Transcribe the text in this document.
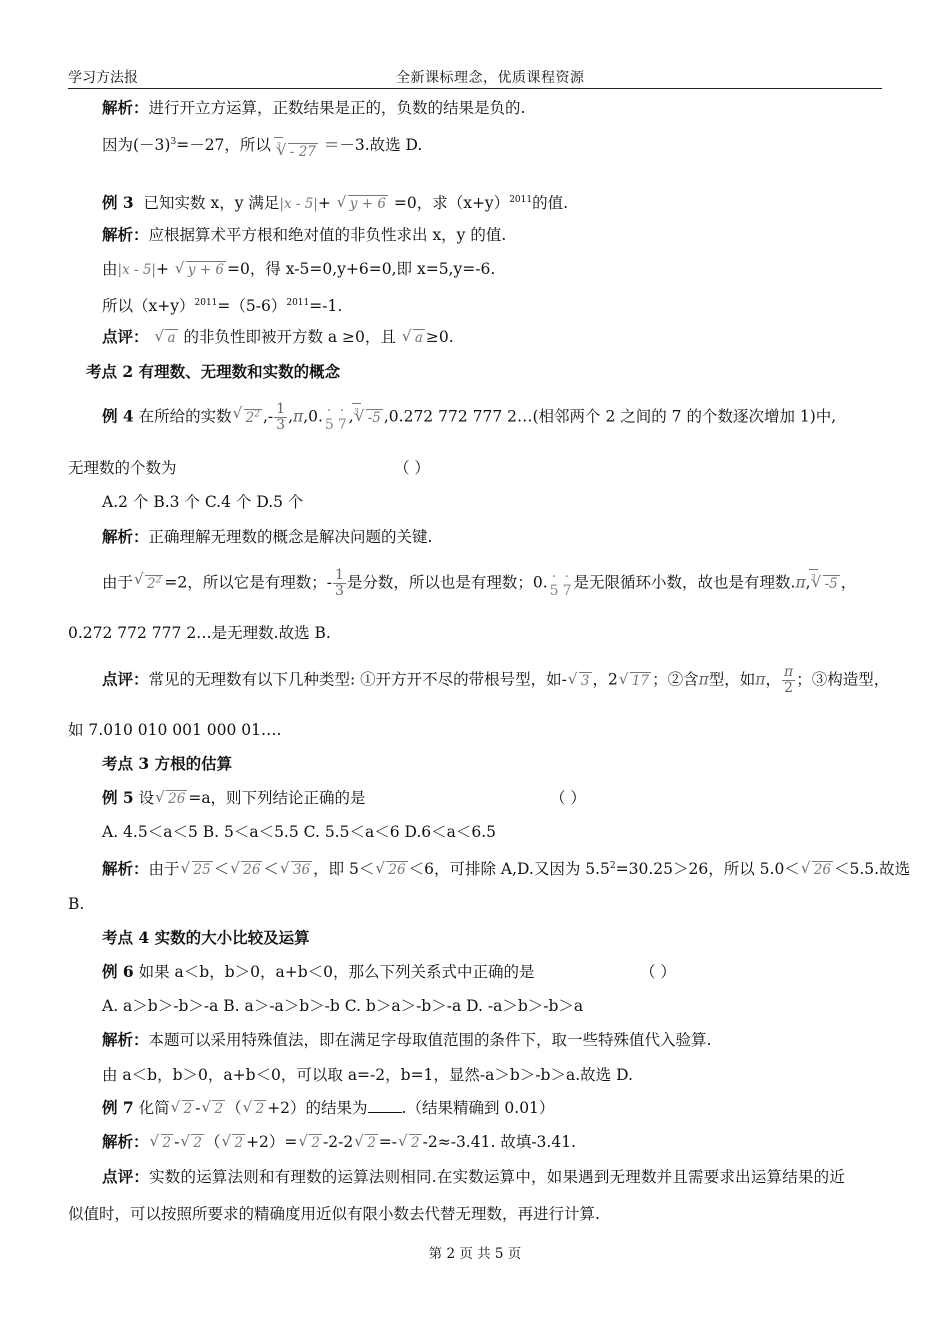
学习方法报	全新课标理念，优质课程资源
解析：进行开立方运算，正数结果是正的，负数的结果是负的.
因为$(-3)^3=-27$，所以 √ 3 - 27 ＝－3.故选 D.
例 3 已知实数 x，y 满足|x - 5|+ √ y + 6 =0，求$(x+y)^{2011}$的值.
解析：应根据算术平方根和绝对值的非负性求出 x，y 的值.
由|x - 5|+ √ y + 6 =0，得 x-5=0,y+6=0,即 x=5,y=-6.
所以$(x+y)^{2011}=(5-6)^{2011}=-1$.
点评： √ a 的非负性即被开方数 a ≥0，且 √ a ≥0.
考点 2 有理数、无理数和实数的概念
例 4 在所给的实数 √ $2^2$ ,- $\frac{1}{3} ,\pi,0$. 5 · 7 · , √ 3 -5 ,0.272 772 777 2…(相邻两个 2 之间的 7 的个数逐次增加 1)中,
无理数的个数为	（ ）
A.2 个 B.3 个 C.4 个 D.5 个
解析：正确理解无理数的概念是解决问题的关键.
由于 √ $2^2 =2$，所以它是有理数；- $\frac{1}{3}$ 是分数，所以也是有理数；0. 5 · 7 · 是无限循环小数，故也是有理数.π, √ 3 -5 ，
0.272 772 777 2…是无理数.故选 B.
点评：常见的无理数有以下几种类型: ①开方开不尽的带根号型，如- √ 3 ，2 √ 17 ；②含π型，如π， $\frac{\pi}{2}$ ；③构造型，
如 7.010 010 001 000 01….
考点 3 方根的估算
例 5 设 √ 26 =a，则下列结论正确的是	（ ）
A. 4.5＜a＜5 B. 5＜a＜5.5 C. 5.5＜a＜6 D.6＜a＜6.5
解析：由于 √ 25 ＜ √ 26 ＜ √ 36 ，即 5＜ √ 26 ＜6，可排除 A,D.又因为 $5.5^2=30.25>26$，所以 5.0＜ √ 26 ＜5.5.故选
B.
考点 4 实数的大小比较及运算
例 6 如果 a＜b，b＞0，a+b＜0，那么下列关系式中正确的是	（ ）
A. a＞b＞-b＞-a B. a＞-a＞b＞-b C. b＞a＞-b＞-a D. -a＞b＞-b＞a
解析：本题可以采用特殊值法，即在满足字母取值范围的条件下，取一些特殊值代入验算.
由 a＜b，b＞0，a+b＜0，可以取 a=-2，b=1，显然-a＞b＞-b＞a.故选 D.
例 7 化简 √ 2 - √ 2 （ √ 2 +2）的结果为 .（结果精确到 0.01）
解析： √ 2 - √ 2 （ √ 2 +2）= √ 2 -2-2 √ 2 =- √ 2 -2≈-3.41. 故填-3.41.
点评：实数的运算法则和有理数的运算法则相同.在实数运算中，如果遇到无理数并且需要求出运算结果的近
似值时，可以按照所要求的精确度用近似有限小数去代替无理数，再进行计算.
第 2 页 共 5 页
